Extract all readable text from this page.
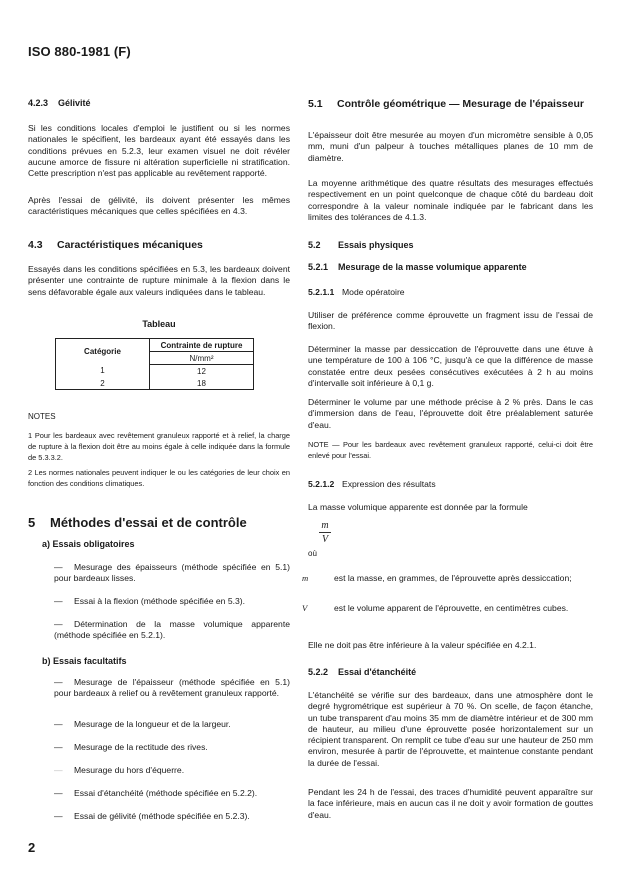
ISO 880-1981 (F)
4.2.3 Gélivité

Si les conditions locales d'emploi le justifient ou si les normes nationales le spécifient, les bardeaux ayant été essayés dans les conditions prévues en 5.2.3, leur examen visuel ne doit révéler aucune amorce de fissure ni altération superficielle ni stratification. Cette prescription n'est pas applicable au revêtement rapporté.

Après l'essai de gélivité, ils doivent présenter les mêmes caractéristiques mécaniques que celles spécifiées en 4.3.

4.3 Caractéristiques mécaniques

Essayés dans les conditions spécifiées en 5.3, les bardeaux doivent présenter une contrainte de rupture minimale à la flexion dans le sens défavorable égale aux valeurs indiquées dans le tableau.

Tableau
Catégorie	Contrainte de rupture
	N/mm²
1	12
2	18
NOTES

1 Pour les bardeaux avec revêtement granuleux rapporté et à relief, la charge de rupture à la flexion doit être au moins égale à celle indiquée dans la formule de 5.3.3.2.

2 Les normes nationales peuvent indiquer le ou les catégories de leur choix en fonction des conditions climatiques.

5 Méthodes d'essai et de contrôle
a) Essais obligatoires

— Mesurage des épaisseurs (méthode spécifiée en 5.1) pour bardeaux lisses.

— Essai à la flexion (méthode spécifiée en 5.3).

— Détermination de la masse volumique apparente (méthode spécifiée en 5.2.1).

b) Essais facultatifs

— Mesurage de l'épaisseur (méthode spécifiée en 5.1) pour bardeaux à relief ou à revêtement granuleux rapporté.

— Mesurage de la longueur et de la largeur.

— Mesurage de la rectitude des rives.

— Mesurage du hors d'équerre.

— Essai d'étanchéité (méthode spécifiée en 5.2.2).

— Essai de gélivité (méthode spécifiée en 5.2.3).

5.1 Contrôle géométrique — Mesurage de l'épaisseur

L'épaisseur doit être mesurée au moyen d'un micromètre sensible à 0,05 mm, muni d'un palpeur à touches métalliques planes de 10 mm de diamètre.

La moyenne arithmétique des quatre résultats des mesurages effectués respectivement en un point quelconque de chaque côté du bardeau doit correspondre à la valeur nominale indiquée par le fabricant dans les limites des tolérances de 4.1.3.

5.2 Essais physiques
5.2.1 Mesurage de la masse volumique apparente
5.2.1.1 Mode opératoire

Utiliser de préférence comme éprouvette un fragment issu de l'essai de flexion.

Déterminer la masse par dessiccation de l'éprouvette dans une étuve à une température de 100 à 106 °C, jusqu'à ce que la différence de masse constatée entre deux pesées consécutives exécutées à 2 h au moins d'intervalle soit inférieure à 0,1 g.

Déterminer le volume par une méthode précise à 2 % près. Dans le cas d'immersion dans de l'eau, l'éprouvette doit être préalablement saturée d'eau.

NOTE — Pour les bardeaux avec revêtement granuleux rapporté, celui-ci doit être enlevé pour l'essai.

5.2.1.2 Expression des résultats

La masse volumique apparente est donnée par la formule

où

m	est la masse, en grammes, de l'éprouvette après dessiccation;

V	est le volume apparent de l'éprouvette, en centimètres cubes.

Elle ne doit pas être inférieure à la valeur spécifiée en 4.2.1.

5.2.2 Essai d'étanchéité

L'étanchéité se vérifie sur des bardeaux, dans une atmosphère dont le degré hygrométrique est supérieur à 70 %. On scelle, de façon étanche, un tube transparent d'au moins 35 mm de diamètre intérieur et de 300 mm de hauteur, au milieu d'une éprouvette posée horizontalement sur un récipient transparent. On remplit ce tube d'eau sur une hauteur de 250 mm environ, mesurée à partir de l'éprouvette, et maintenue constante pendant la durée de l'essai.

Pendant les 24 h de l'essai, des traces d'humidité peuvent apparaître sur la face inférieure, mais en aucun cas il ne doit y avoir formation de gouttes d'eau.

m
V
2
